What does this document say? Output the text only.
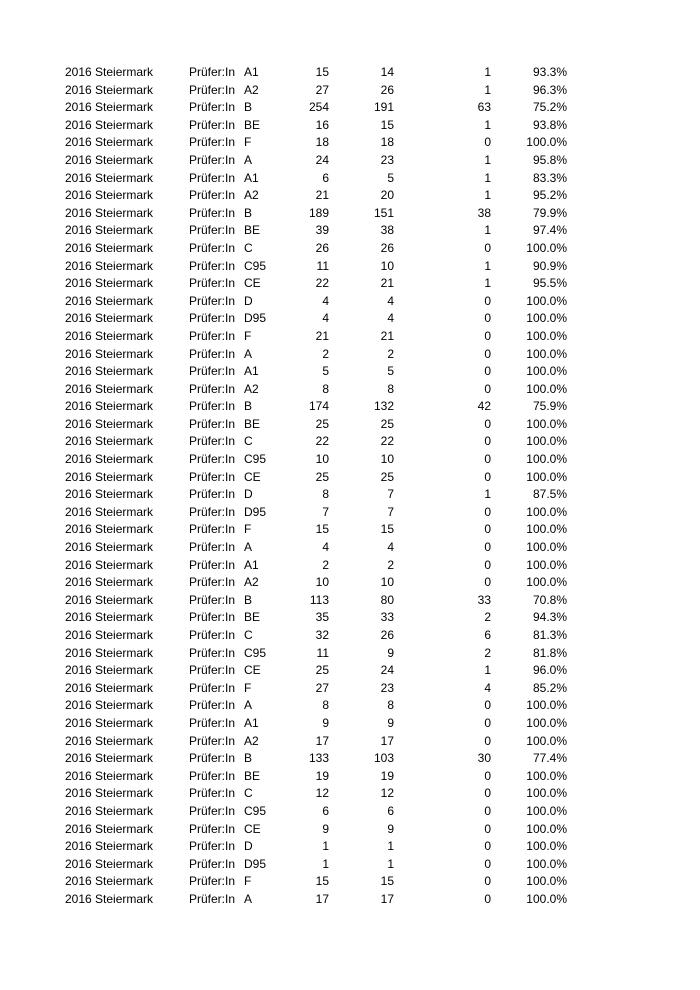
2016 Steiermark	Prüfer:In A1	15	14	1	93.3%
2016 Steiermark	Prüfer:In A2	27	26	1	96.3%
2016 Steiermark	Prüfer:In B	254	191	63	75.2%
2016 Steiermark	Prüfer:In BE	16	15	1	93.8%
2016 Steiermark	Prüfer:In F	18	18	0	100.0%
2016 Steiermark	Prüfer:In A	24	23	1	95.8%
2016 Steiermark	Prüfer:In A1	6	5	1	83.3%
2016 Steiermark	Prüfer:In A2	21	20	1	95.2%
2016 Steiermark	Prüfer:In B	189	151	38	79.9%
2016 Steiermark	Prüfer:In BE	39	38	1	97.4%
2016 Steiermark	Prüfer:In C	26	26	0	100.0%
2016 Steiermark	Prüfer:In C95	11	10	1	90.9%
2016 Steiermark	Prüfer:In CE	22	21	1	95.5%
2016 Steiermark	Prüfer:In D	4	4	0	100.0%
2016 Steiermark	Prüfer:In D95	4	4	0	100.0%
2016 Steiermark	Prüfer:In F	21	21	0	100.0%
2016 Steiermark	Prüfer:In A	2	2	0	100.0%
2016 Steiermark	Prüfer:In A1	5	5	0	100.0%
2016 Steiermark	Prüfer:In A2	8	8	0	100.0%
2016 Steiermark	Prüfer:In B	174	132	42	75.9%
2016 Steiermark	Prüfer:In BE	25	25	0	100.0%
2016 Steiermark	Prüfer:In C	22	22	0	100.0%
2016 Steiermark	Prüfer:In C95	10	10	0	100.0%
2016 Steiermark	Prüfer:In CE	25	25	0	100.0%
2016 Steiermark	Prüfer:In D	8	7	1	87.5%
2016 Steiermark	Prüfer:In D95	7	7	0	100.0%
2016 Steiermark	Prüfer:In F	15	15	0	100.0%
2016 Steiermark	Prüfer:In A	4	4	0	100.0%
2016 Steiermark	Prüfer:In A1	2	2	0	100.0%
2016 Steiermark	Prüfer:In A2	10	10	0	100.0%
2016 Steiermark	Prüfer:In B	113	80	33	70.8%
2016 Steiermark	Prüfer:In BE	35	33	2	94.3%
2016 Steiermark	Prüfer:In C	32	26	6	81.3%
2016 Steiermark	Prüfer:In C95	11	9	2	81.8%
2016 Steiermark	Prüfer:In CE	25	24	1	96.0%
2016 Steiermark	Prüfer:In F	27	23	4	85.2%
2016 Steiermark	Prüfer:In A	8	8	0	100.0%
2016 Steiermark	Prüfer:In A1	9	9	0	100.0%
2016 Steiermark	Prüfer:In A2	17	17	0	100.0%
2016 Steiermark	Prüfer:In B	133	103	30	77.4%
2016 Steiermark	Prüfer:In BE	19	19	0	100.0%
2016 Steiermark	Prüfer:In C	12	12	0	100.0%
2016 Steiermark	Prüfer:In C95	6	6	0	100.0%
2016 Steiermark	Prüfer:In CE	9	9	0	100.0%
2016 Steiermark	Prüfer:In D	1	1	0	100.0%
2016 Steiermark	Prüfer:In D95	1	1	0	100.0%
2016 Steiermark	Prüfer:In F	15	15	0	100.0%
2016 Steiermark	Prüfer:In A	17	17	0	100.0%
